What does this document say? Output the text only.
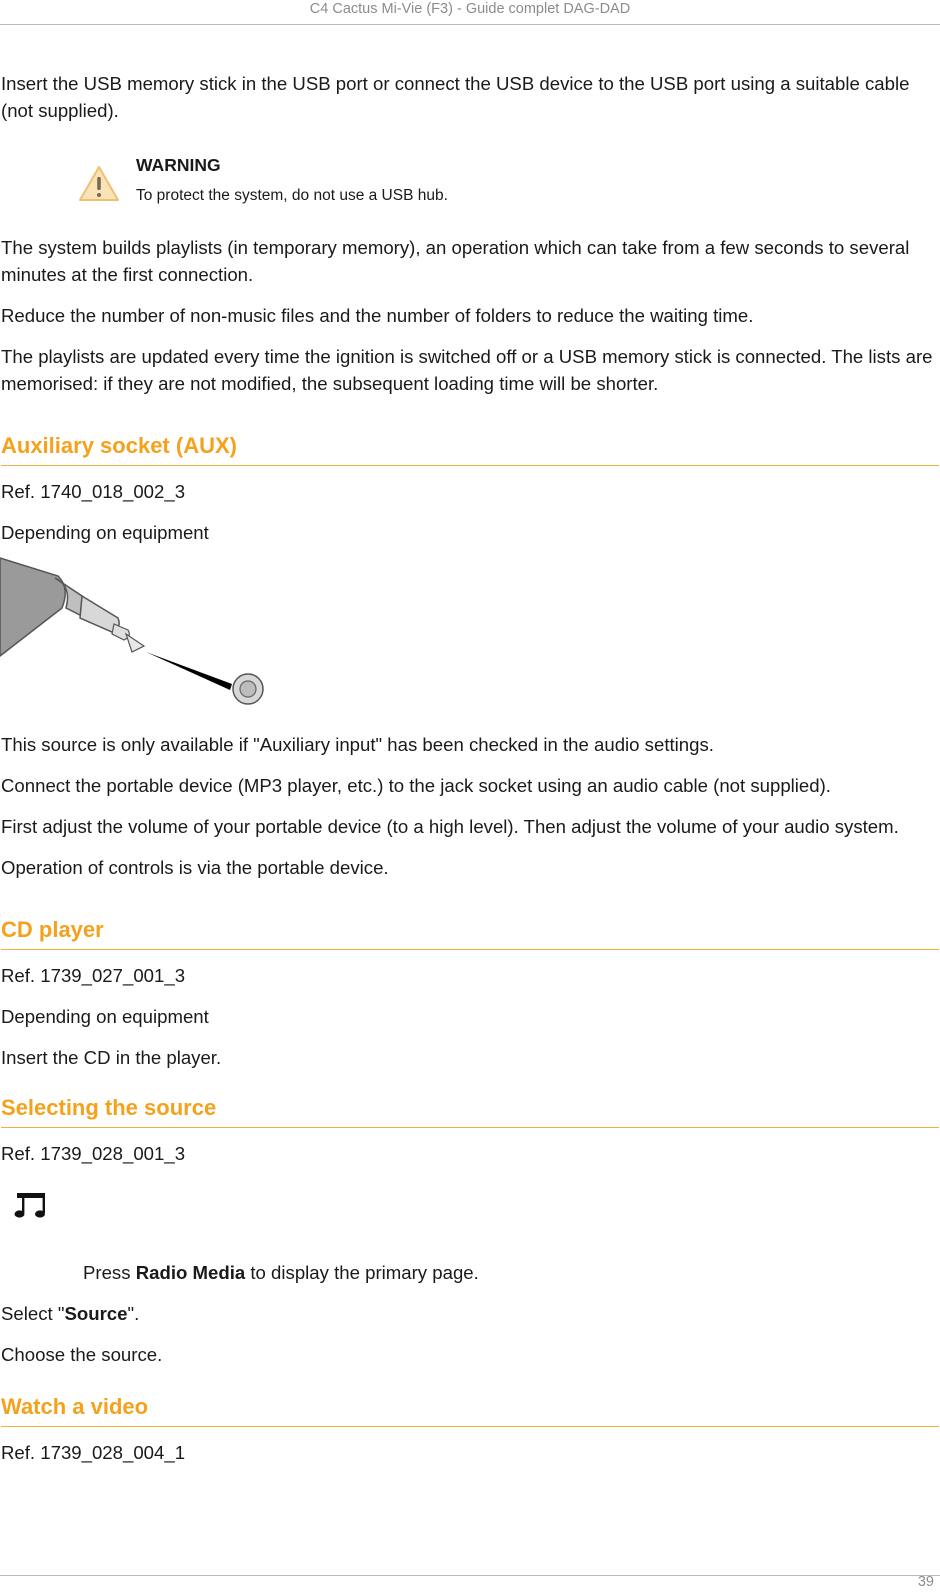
C4 Cactus Mi-Vie (F3) - Guide complet DAG-DAD

Insert the USB memory stick in the USB port or connect the USB device to the USB port using a suitable cable (not supplied).

WARNING
To protect the system, do not use a USB hub.

The system builds playlists (in temporary memory), an operation which can take from a few seconds to several minutes at the first connection.

Reduce the number of non-music files and the number of folders to reduce the waiting time.

The playlists are updated every time the ignition is switched off or a USB memory stick is connected. The lists are memorised: if they are not modified, the subsequent loading time will be shorter.

Auxiliary socket (AUX)

Ref. 1740_018_002_3

Depending on equipment

This source is only available if "Auxiliary input" has been checked in the audio settings.

Connect the portable device (MP3 player, etc.) to the jack socket using an audio cable (not supplied).

First adjust the volume of your portable device (to a high level). Then adjust the volume of your audio system.

Operation of controls is via the portable device.

CD player

Ref. 1739_027_001_3

Depending on equipment

Insert the CD in the player.

Selecting the source

Ref. 1739_028_001_3

Press Radio Media to display the primary page.

Select "Source".

Choose the source.

Watch a video

Ref. 1739_028_004_1

39
